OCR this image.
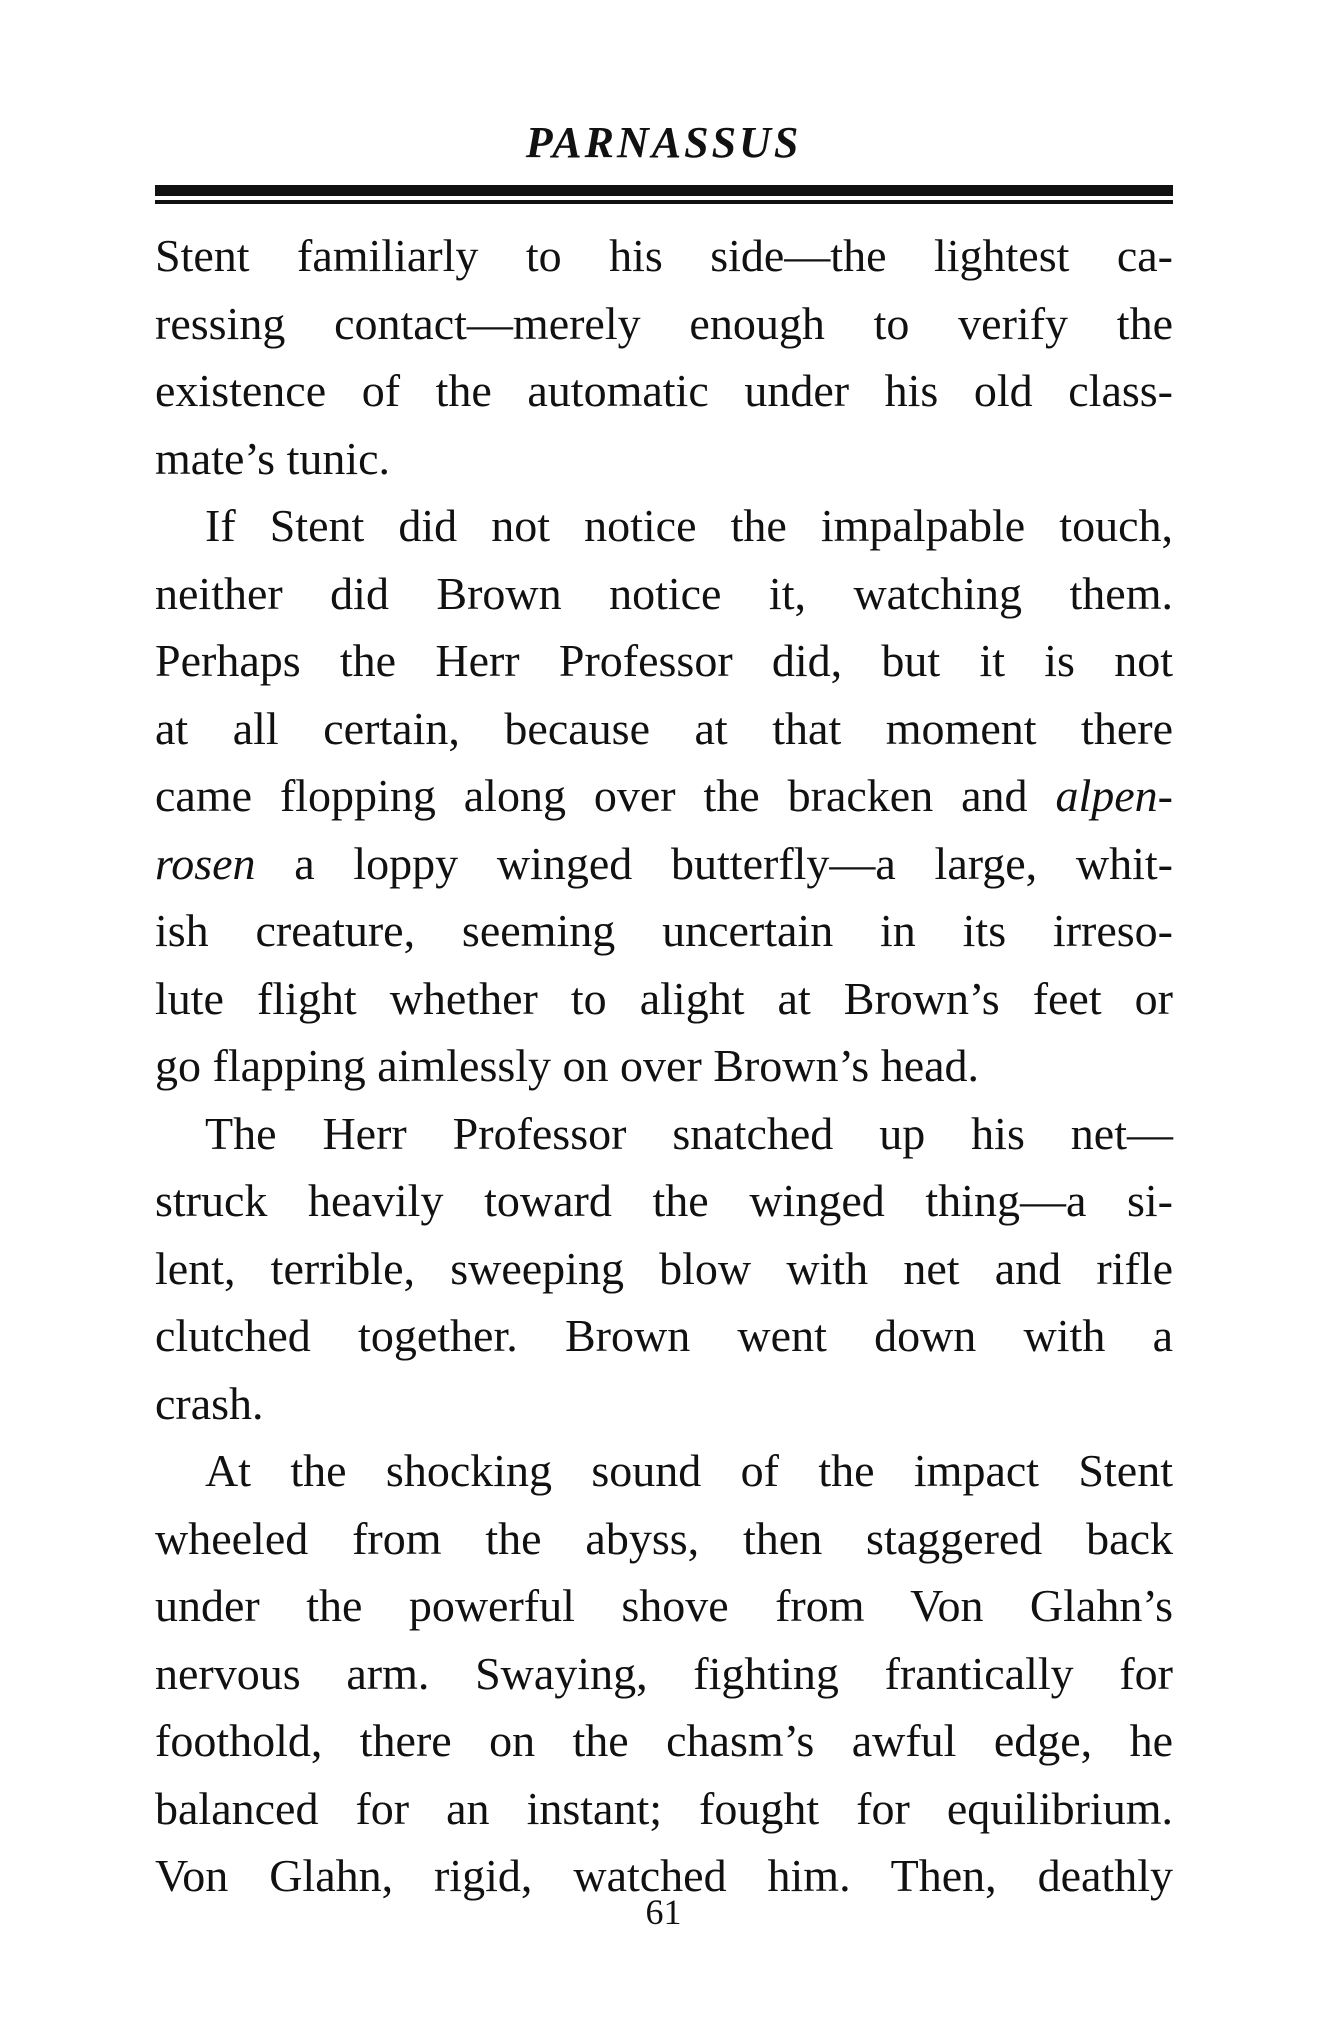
PARNASSUS
Stent familiarly to his side—the lightest ca-
ressing contact—merely enough to verify the
existence of the automatic under his old class-
mate’s tunic.
If Stent did not notice the impalpable touch,
neither did Brown notice it, watching them.
Perhaps the Herr Professor did, but it is not
at all certain, because at that moment there
came flopping along over the bracken and alpen-
rosen a loppy winged butterfly—a large, whit-
ish creature, seeming uncertain in its irreso-
lute flight whether to alight at Brown’s feet or
go flapping aimlessly on over Brown’s head.
The Herr Professor snatched up his net—
struck heavily toward the winged thing—a si-
lent, terrible, sweeping blow with net and rifle
clutched together. Brown went down with a
crash.
At the shocking sound of the impact Stent
wheeled from the abyss, then staggered back
under the powerful shove from Von Glahn’s
nervous arm. Swaying, fighting frantically for
foothold, there on the chasm’s awful edge, he
balanced for an instant; fought for equilibrium.
Von Glahn, rigid, watched him. Then, deathly
61
